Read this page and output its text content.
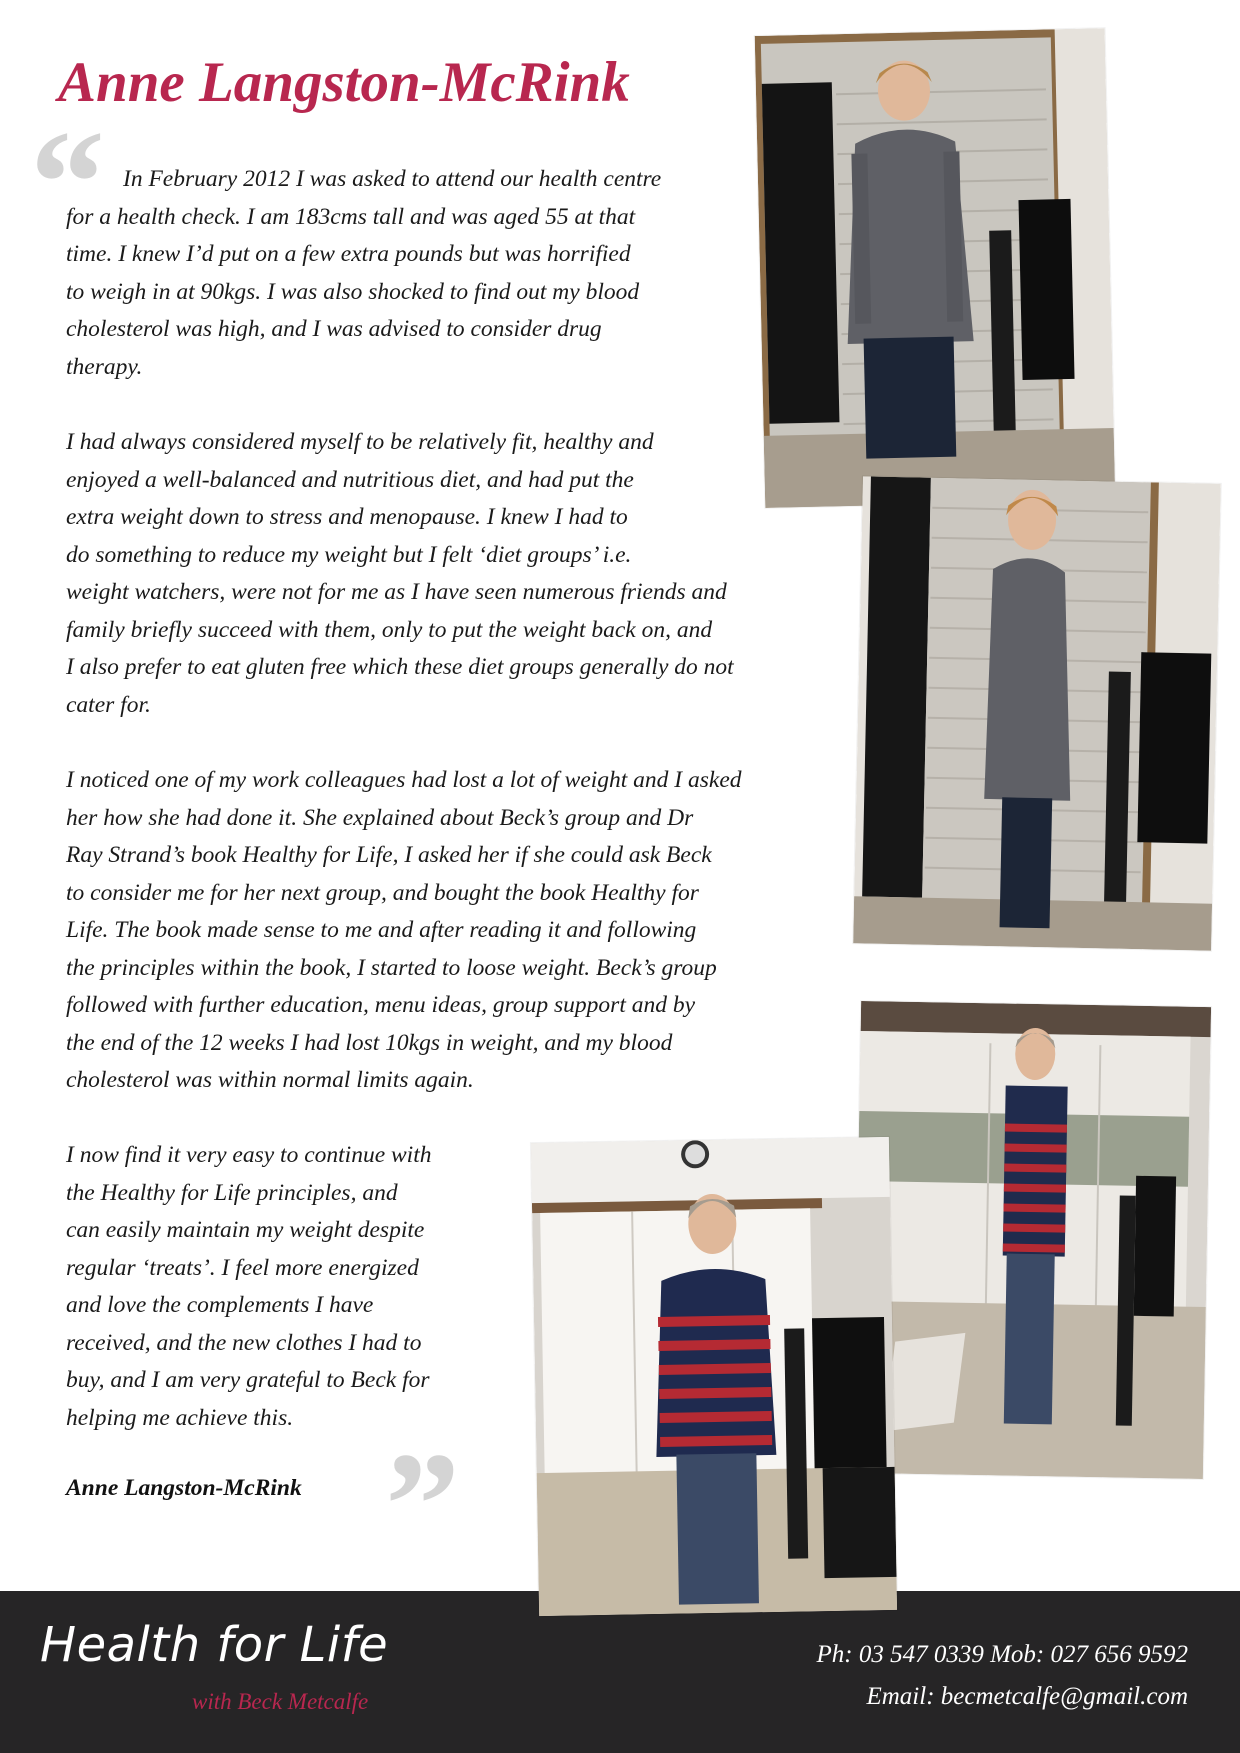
Anne Langston-McRink
“ In February 2012 I was asked to attend our health centre
for a health check. I am 183cms tall and was aged 55 at that
time. I knew I’d put on a few extra pounds but was horrified
to weigh in at 90kgs. I was also shocked to find out my blood
cholesterol was high, and I was advised to consider drug
therapy.

I had always considered myself to be relatively fit, healthy and
enjoyed a well-balanced and nutritious diet, and had put the
extra weight down to stress and menopause. I knew I had to
do something to reduce my weight but I felt ‘diet groups’ i.e.
weight watchers, were not for me as I have seen numerous friends and
family briefly succeed with them, only to put the weight back on, and
I also prefer to eat gluten free which these diet groups generally do not
cater for.

I noticed one of my work colleagues had lost a lot of weight and I asked
her how she had done it. She explained about Beck’s group and Dr
Ray Strand’s book Healthy for Life, I asked her if she could ask Beck
to consider me for her next group, and bought the book Healthy for
Life. The book made sense to me and after reading it and following
the principles within the book, I started to loose weight. Beck’s group
followed with further education, menu ideas, group support and by
the end of the 12 weeks I had lost 10kgs in weight, and my blood
cholesterol was within normal limits again.

I now find it very easy to continue with
the Healthy for Life principles, and
can easily maintain my weight despite
regular ‘treats’. I feel more energized
and love the complements I have
received, and the new clothes I had to
buy, and I am very grateful to Beck for
helping me achieve this.

”
Anne Langston-McRink
Health for Life
with Beck Metcalfe
Ph: 03 547 0339 Mob: 027 656 9592
Email: becmetcalfe@gmail.com
